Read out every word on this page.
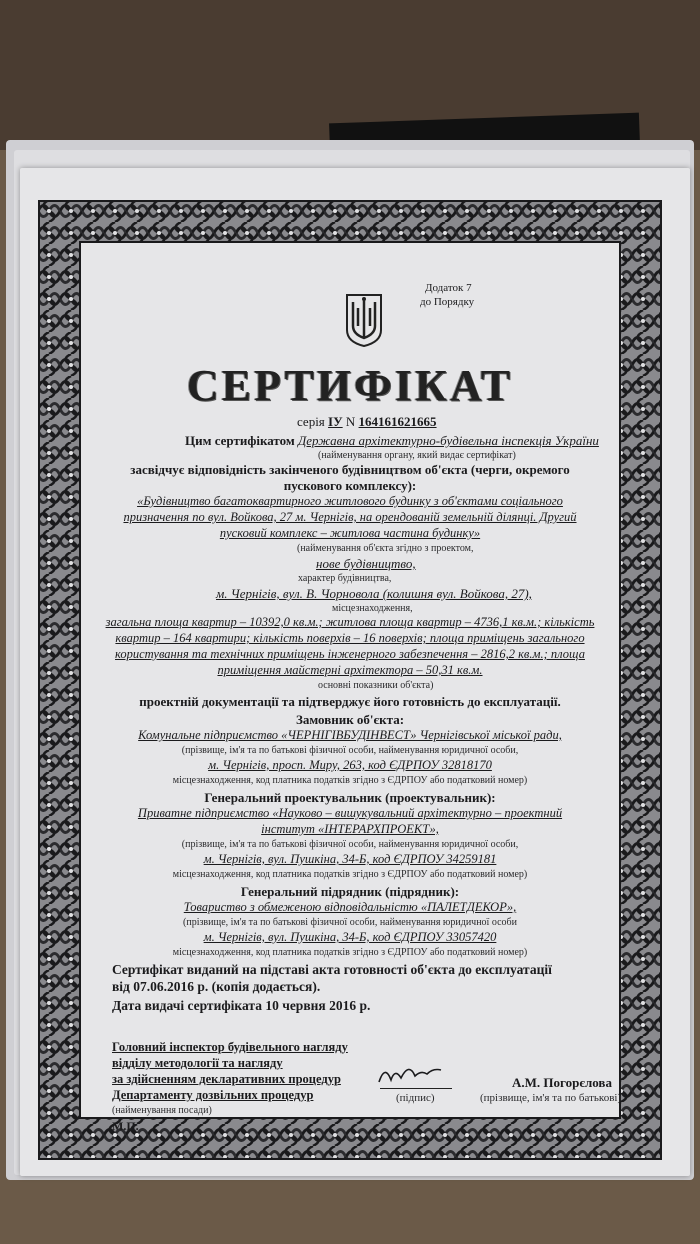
Додаток 7
до Порядку
СЕРТИФІКАТ
серія ІУ N 164161621665
Цим сертифікатом Державна архітектурно-будівельна інспекція України
(найменування органу, який видає сертифікат)
засвідчує відповідність закінченого будівництвом об'єкта (черги, окремого
пускового комплексу):
«Будівництво багатоквартирного житлового будинку з об'єктами соціального
призначення по вул. Войкова, 27 м. Чернігів, на орендованій земельній ділянці. Другий
пусковий комплекс – житлова частина будинку»
(найменування об'єкта згідно з проектом,
нове будівництво,
характер будівництва,
м. Чернігів, вул. В. Чорновола (колишня вул. Войкова, 27),
місцезнаходження,
загальна площа квартир – 10392,0 кв.м.; житлова площа квартир – 4736,1 кв.м.; кількість
квартир – 164 квартири; кількість поверхів – 16 поверхів; площа приміщень загального
користування та технічних приміщень інженерного забезпечення – 2816,2 кв.м.; площа
приміщення майстерні архітектора – 50,31 кв.м.
основні показники об'єкта)
проектній документації та підтверджує його готовність до експлуатації.
Замовник об'єкта:
Комунальне підприємство «ЧЕРНІГІВБУДІНВЕСТ» Чернігівської міської ради,
(прізвище, ім'я та по батькові фізичної особи, найменування юридичної особи,
м. Чернігів, просп. Миру, 263, код ЄДРПОУ 32818170
місцезнаходження, код платника податків згідно з ЄДРПОУ або податковий номер)
Генеральний проектувальник (проектувальник):
Приватне підприємство «Науково – вишукувальний архітектурно – проектний
інститут «ІНТЕРАРХПРОЕКТ»,
(прізвище, ім'я та по батькові фізичної особи, найменування юридичної особи,
м. Чернігів, вул. Пушкіна, 34-Б, код ЄДРПОУ 34259181
місцезнаходження, код платника податків згідно з ЄДРПОУ або податковий номер)
Генеральний підрядник (підрядник):
Товариство з обмеженою відповідальністю «ПАЛЕТДЕКОР»,
(прізвище, ім'я та по батькові фізичної особи, найменування юридичної особи
м. Чернігів, вул. Пушкіна, 34-Б, код ЄДРПОУ 33057420
місцезнаходження, код платника податків згідно з ЄДРПОУ або податковий номер)
Сертифікат виданий на підставі акта готовності об'єкта до експлуатації
від 07.06.2016 р. (копія додається).
Дата видачі сертифіката 10 червня 2016 р.
Головний інспектор будівельного нагляду
відділу методології та нагляду
за здійсненням декларативних процедур
Департаменту дозвільних процедур
(найменування посади)
М.П.
(підпис)
А.М. Погорєлова
(прізвище, ім'я та по батькові)
